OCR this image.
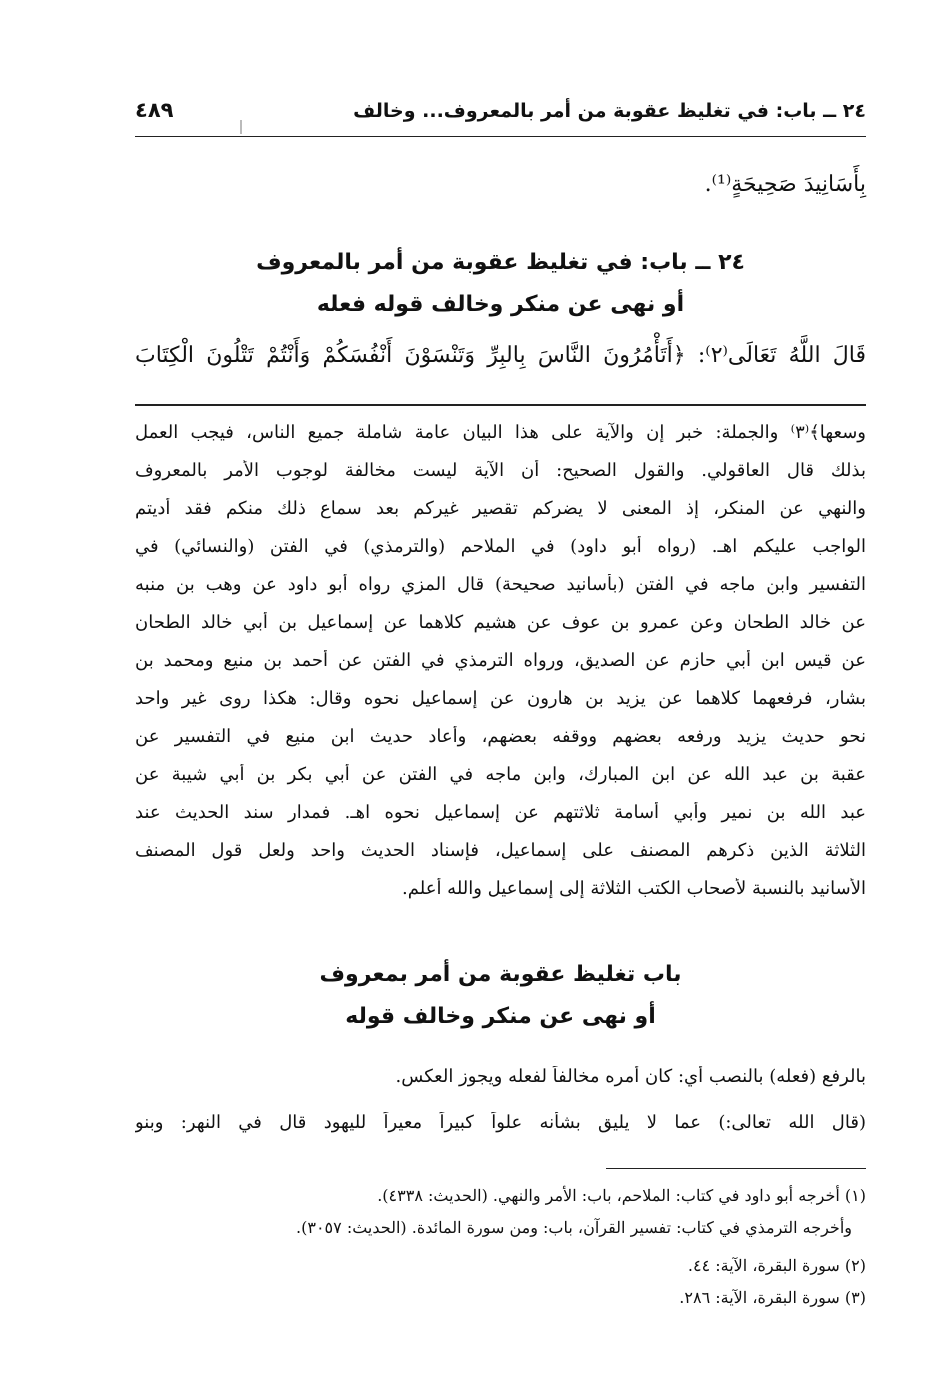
٢٤ ــ باب: في تغليظ عقوبة من أمر بالمعروف... وخالف
٤٨٩
بِأَسَانِيدَ صَحِيحَةٍ⁽¹⁾.
٢٤ ــ باب: في تغليظ عقوبة من أمر بالمعروف
أو نهى عن منكر وخالف قوله فعله
قَالَ اللَّهُ تَعَالَى⁽٢⁾: ﴿أَتَأْمُرُونَ النَّاسَ بِالبِرِّ وَتَنْسَوْنَ أَنْفُسَكُمْ وَأَنْتُمْ تَتْلُونَ الْكِتَابَ
وسعها﴾⁽٣⁾ والجملة: خبر إن والآية على هذا البيان عامة شاملة جميع الناس، فيجب العمل
بذلك قال العاقولي. والقول الصحيح: أن الآية ليست مخالفة لوجوب الأمر بالمعروف
والنهي عن المنكر، إذ المعنى لا يضركم تقصير غيركم بعد سماع ذلك منكم فقد أديتم
الواجب عليكم اهـ. (رواه أبو داود) في الملاحم (والترمذي) في الفتن (والنسائي) في
التفسير وابن ماجه في الفتن (بأسانيد صحيحة) قال المزي رواه أبو داود عن وهب بن منبه
عن خالد الطحان وعن عمرو بن عوف عن هشيم كلاهما عن إسماعيل بن أبي خالد الطحان
عن قيس ابن أبي حازم عن الصديق، ورواه الترمذي في الفتن عن أحمد بن منيع ومحمد بن
بشار، فرفعهما كلاهما عن يزيد بن هارون عن إسماعيل نحوه وقال: هكذا روى غير واحد
نحو حديث يزيد ورفعه بعضهم ووقفه بعضهم، وأعاد حديث ابن منيع في التفسير عن
عقبة بن عبد الله عن ابن المبارك، وابن ماجه في الفتن عن أبي بكر بن أبي شيبة عن
عبد الله بن نمير وأبي أسامة ثلاثتهم عن إسماعيل نحوه اهـ. فمدار سند الحديث عند
الثلاثة الذين ذكرهم المصنف على إسماعيل، فإسناد الحديث واحد ولعل قول المصنف
الأسانيد بالنسبة لأصحاب الكتب الثلاثة إلى إسماعيل والله أعلم.
باب تغليظ عقوبة من أمر بمعروف
أو نهى عن منكر وخالف قوله
بالرفع (فعله) بالنصب أي: كان أمره مخالفاً لفعله ويجوز العكس.
(قال الله تعالى:) عما لا يليق بشأنه علواً كبيراً معيراً لليهود قال في النهر: وبنو
(١) أخرجه أبو داود في كتاب: الملاحم، باب: الأمر والنهي. (الحديث: ٤٣٣٨).
وأخرجه الترمذي في كتاب: تفسير القرآن، باب: ومن سورة المائدة. (الحديث: ٣٠٥٧).
(٢) سورة البقرة، الآية: ٤٤.
(٣) سورة البقرة، الآية: ٢٨٦.
